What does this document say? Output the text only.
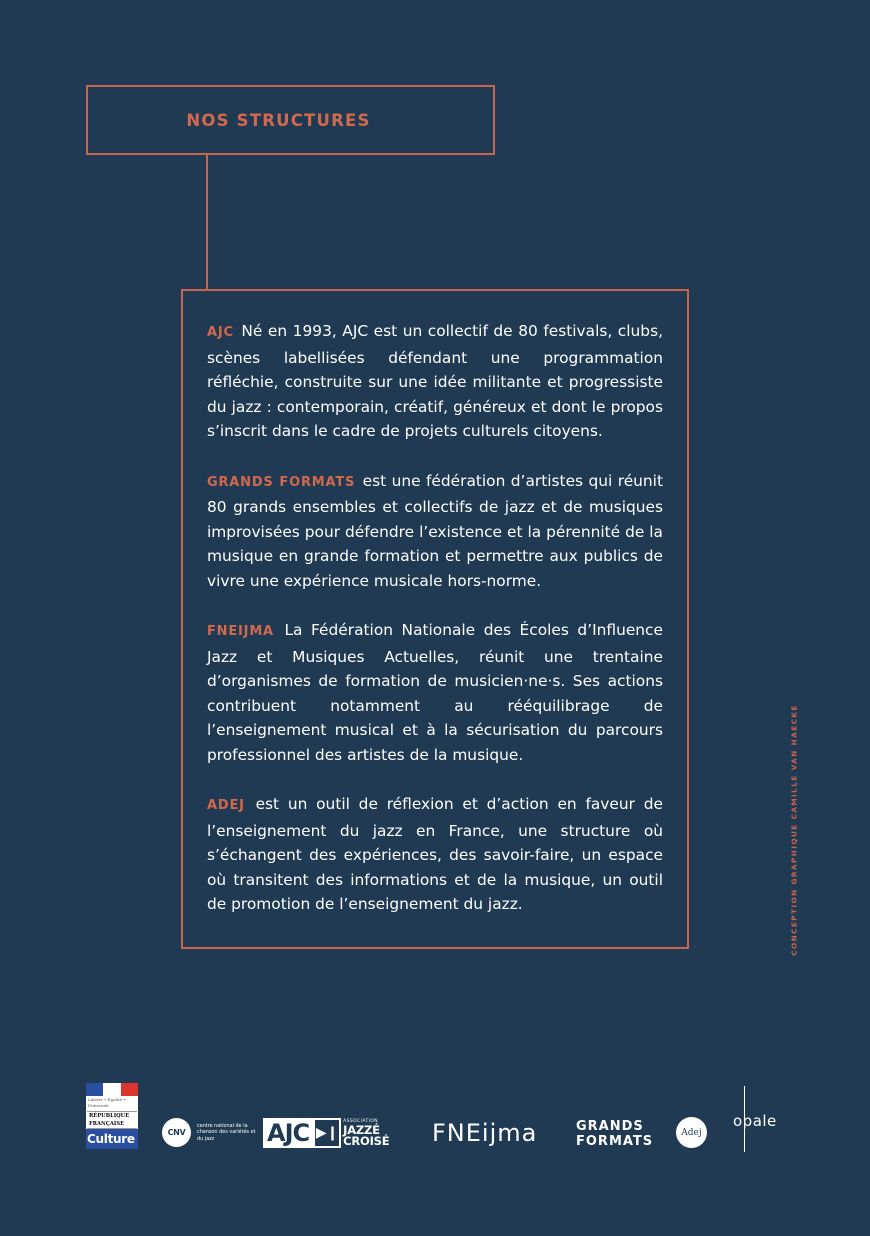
NOS STRUCTURES

AJC Né en 1993, AJC est un collectif de 80 festivals, clubs, scènes labellisées défendant une programmation réfléchie, construite sur une idée militante et progressiste du jazz : contemporain, créatif, généreux et dont le propos s’inscrit dans le cadre de projets culturels citoyens.

GRANDS FORMATS est une fédération d’artistes qui réunit 80 grands ensembles et collectifs de jazz et de musiques improvisées pour défendre l’existence et la pérennité de la musique en grande formation et permettre aux publics de vivre une expérience musicale hors-norme.

FNEIJMA La Fédération Nationale des Écoles d’Influence Jazz et Musiques Actuelles, réunit une trentaine d’organismes de formation de musicien·ne·s. Ses actions contribuent notamment au rééquilibrage de l’enseignement musical et à la sécurisation du parcours professionnel des artistes de la musique.

ADEJ est un outil de réflexion et d’action en faveur de l’enseignement du jazz en France, une structure où s’échangent des expériences, des savoir-faire, un espace où transitent des informations et de la musique, un outil de promotion de l’enseignement du jazz.	CONCEPTION GRAPHIQUE CAMILLE VAN HAECKE
Liberté • Égalité • Fraternité
RÉPUBLIQUE FRANÇAISE
Culture	CNV
centre national de la chanson des variétés et du jazz	AJC ▶❙
ASSOCIATION
JAZZÉ
CROISÉ FNEijma	GRANDS
FORMATS
Adej
opale
